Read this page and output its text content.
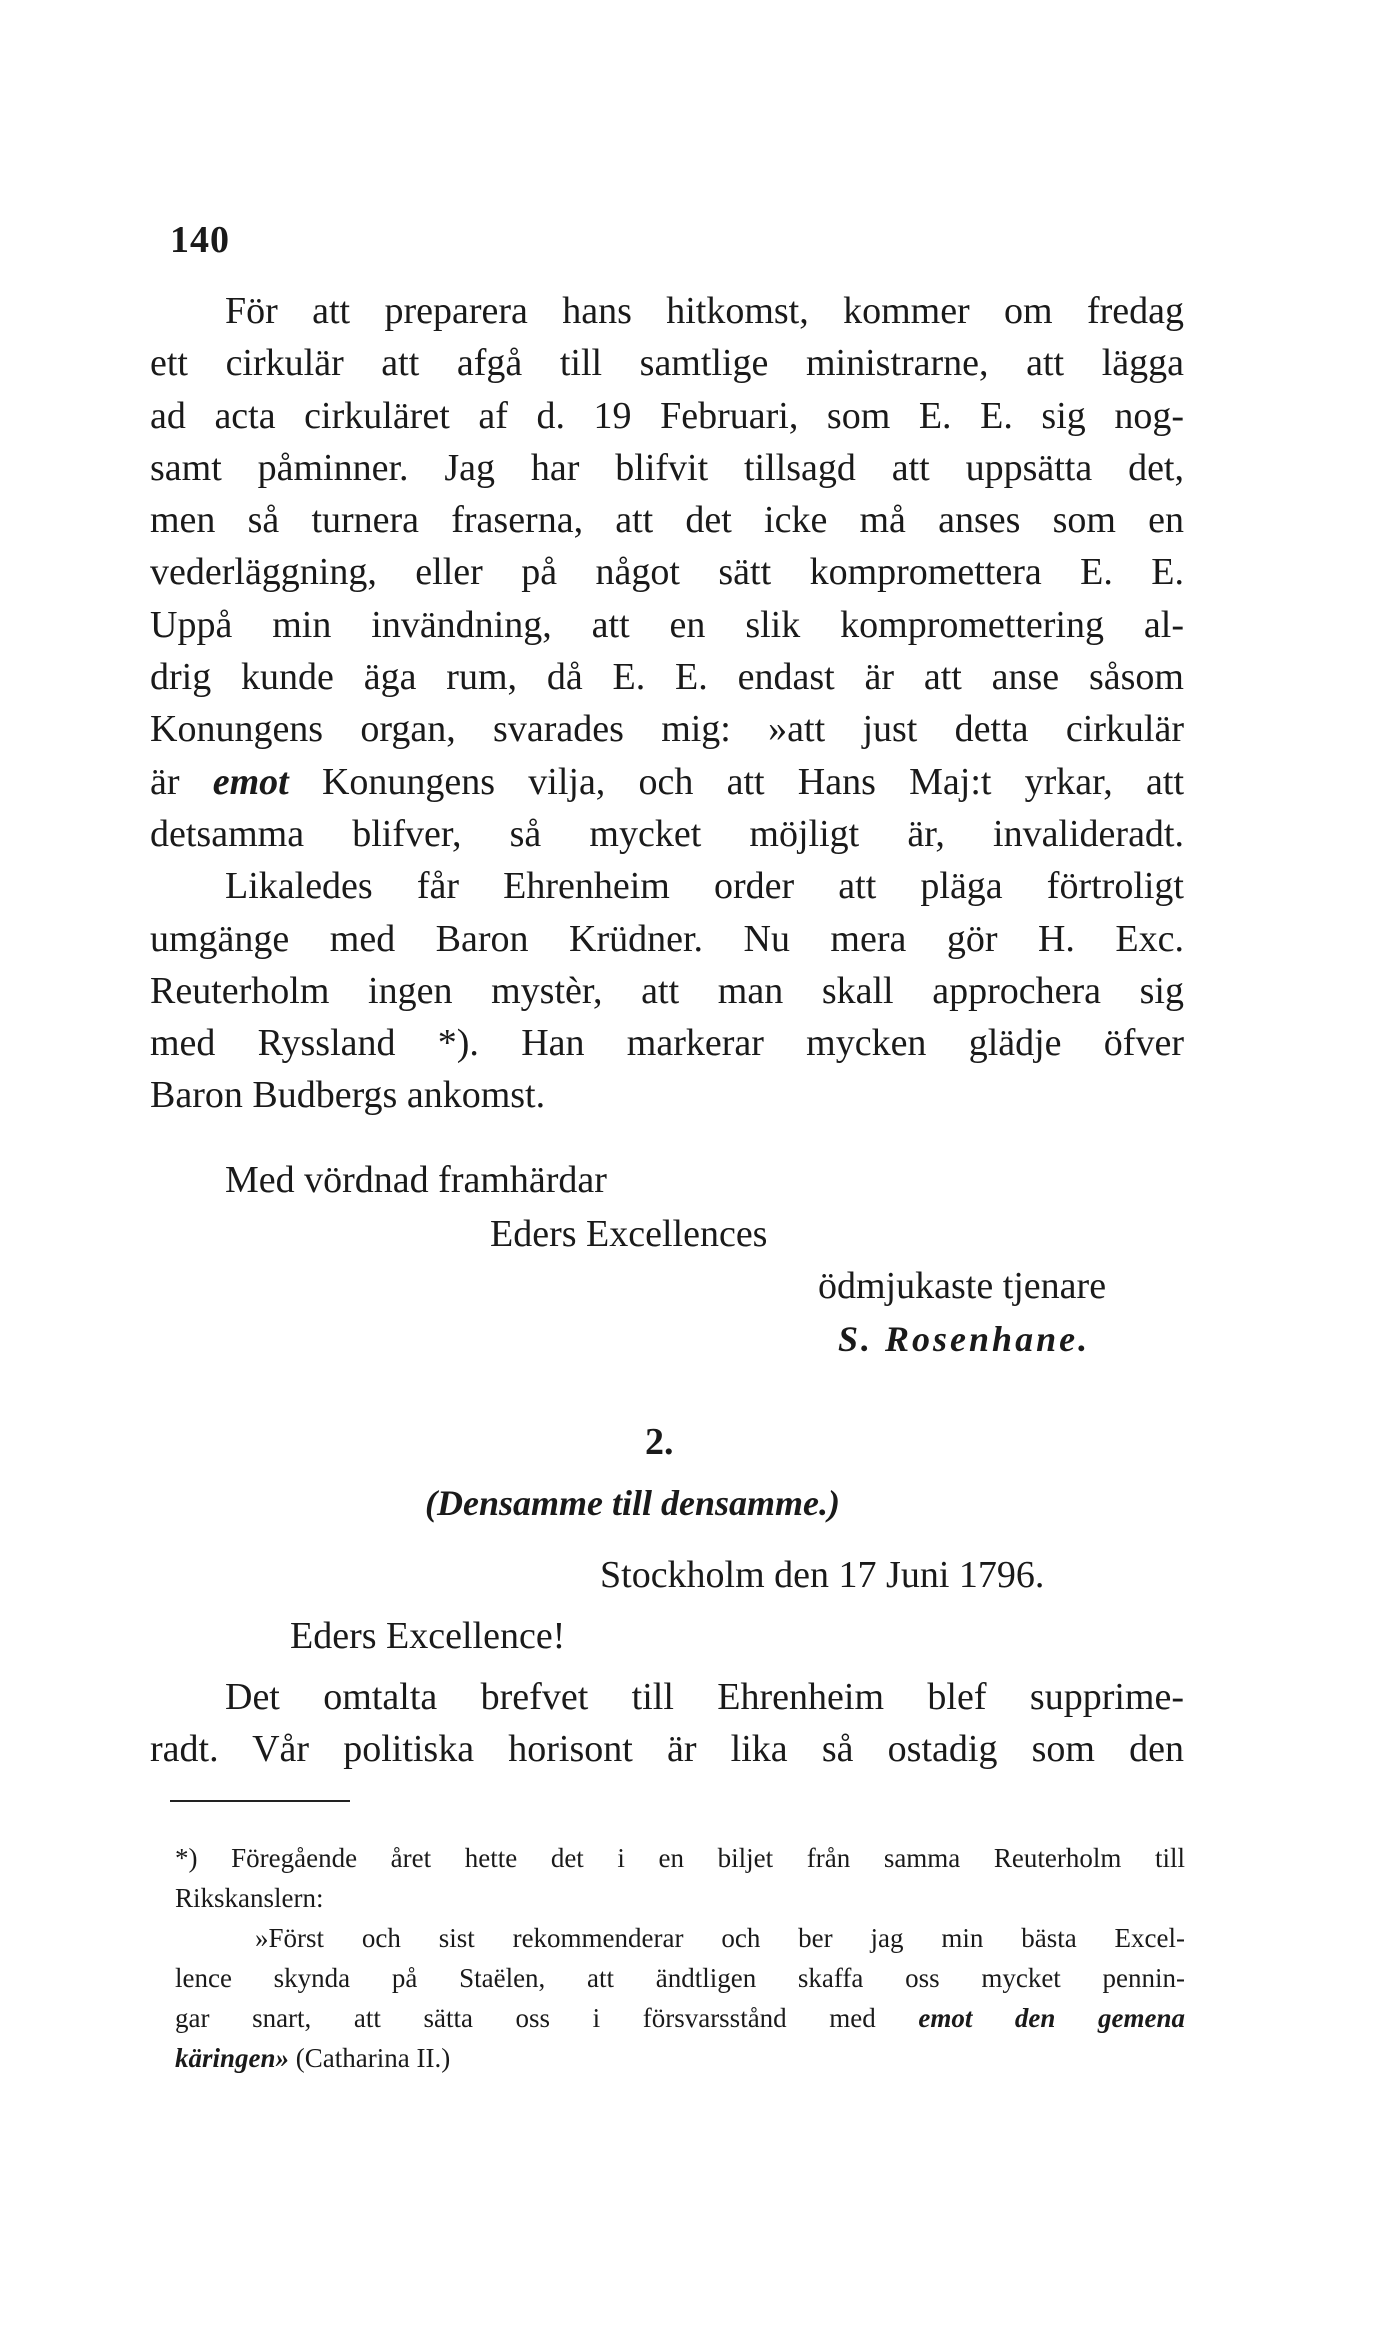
140
För att preparera hans hitkomst, kommer om fredag
ett cirkulär att afgå till samtlige ministrarne, att lägga
ad acta cirkuläret af d. 19 Februari, som E. E. sig nog-
samt påminner. Jag har blifvit tillsagd att uppsätta det,
men så turnera fraserna, att det icke må anses som en
vederläggning, eller på något sätt kompromettera E. E.
Uppå min invändning, att en slik kompromettering al-
drig kunde äga rum, då E. E. endast är att anse såsom
Konungens organ, svarades mig: »att just detta cirkulär
är emot Konungens vilja, och att Hans Maj:t yrkar, att
detsamma blifver, så mycket möjligt är, invalideradt.
Likaledes får Ehrenheim order att pläga förtroligt
umgänge med Baron Krüdner. Nu mera gör H. Exc.
Reuterholm ingen mystèr, att man skall approchera sig
med Ryssland *). Han markerar mycken glädje öfver
Baron Budbergs ankomst.
Med vördnad framhärdar
Eders Excellences
ödmjukaste tjenare
S. Rosenhane.
2.
(Densamme till densamme.)
Stockholm den 17 Juni 1796.
Eders Excellence!
Det omtalta brefvet till Ehrenheim blef supprime-
radt. Vår politiska horisont är lika så ostadig som den
*) Föregående året hette det i en biljet från samma Reuterholm till
Rikskanslern:
»Först och sist rekommenderar och ber jag min bästa Excel-
lence skynda på Staëlen, att ändtligen skaffa oss mycket pennin-
gar snart, att sätta oss i försvarsstånd med emot den gemena
käringen» (Catharina II.)
